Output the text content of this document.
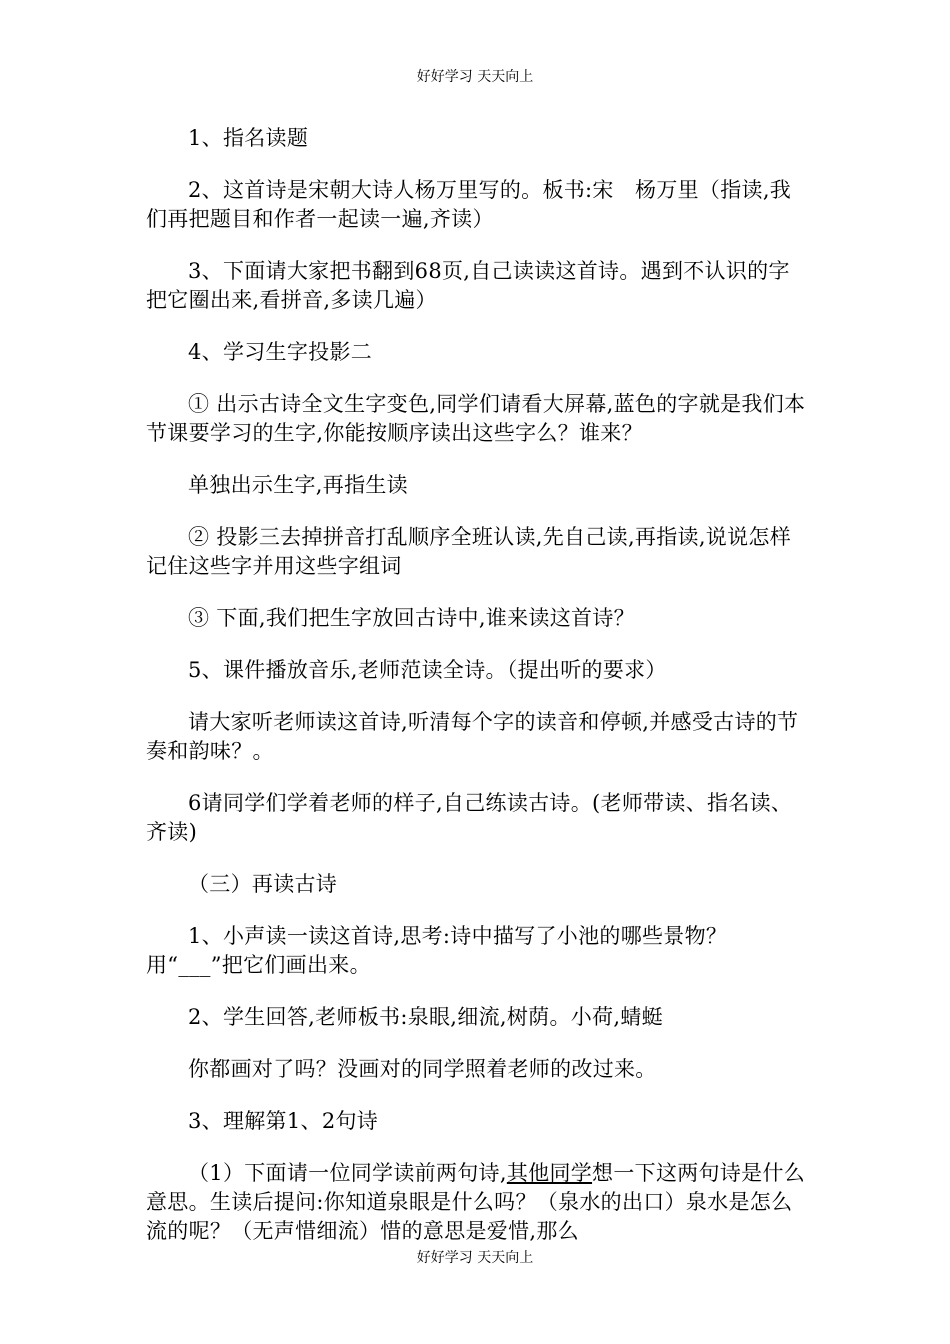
好好学习 天天向上

1、指名读题

2、这首诗是宋朝大诗人杨万里写的。板书:宋　杨万里（指读,我们再把题目和作者一起读一遍,齐读）

3、下面请大家把书翻到68页,自己读读这首诗。遇到不认识的字把它圈出来,看拼音,多读几遍）

4、学习生字投影二

① 出示古诗全文生字变色,同学们请看大屏幕,蓝色的字就是我们本节课要学习的生字,你能按顺序读出这些字么？谁来？

单独出示生字,再指生读

② 投影三去掉拼音打乱顺序全班认读,先自己读,再指读,说说怎样记住这些字并用这些字组词

③ 下面,我们把生字放回古诗中,谁来读这首诗？

5、课件播放音乐,老师范读全诗。（提出听的要求）

请大家听老师读这首诗,听清每个字的读音和停顿,并感受古诗的节奏和韵味？。

6请同学们学着老师的样子,自己练读古诗。(老师带读、指名读、齐读)

（三）再读古诗

1、小声读一读这首诗,思考:诗中描写了小池的哪些景物？用“___”把它们画出来。

2、学生回答,老师板书:泉眼,细流,树荫。小荷,蜻蜓

你都画对了吗？没画对的同学照着老师的改过来。

3、理解第1、2句诗

（1）下面请一位同学读前两句诗,其他同学想一下这两句诗是什么意思。生读后提问:你知道泉眼是什么吗？（泉水的出口）泉水是怎么流的呢？（无声惜细流）惜的意思是爱惜,那么

好好学习 天天向上
